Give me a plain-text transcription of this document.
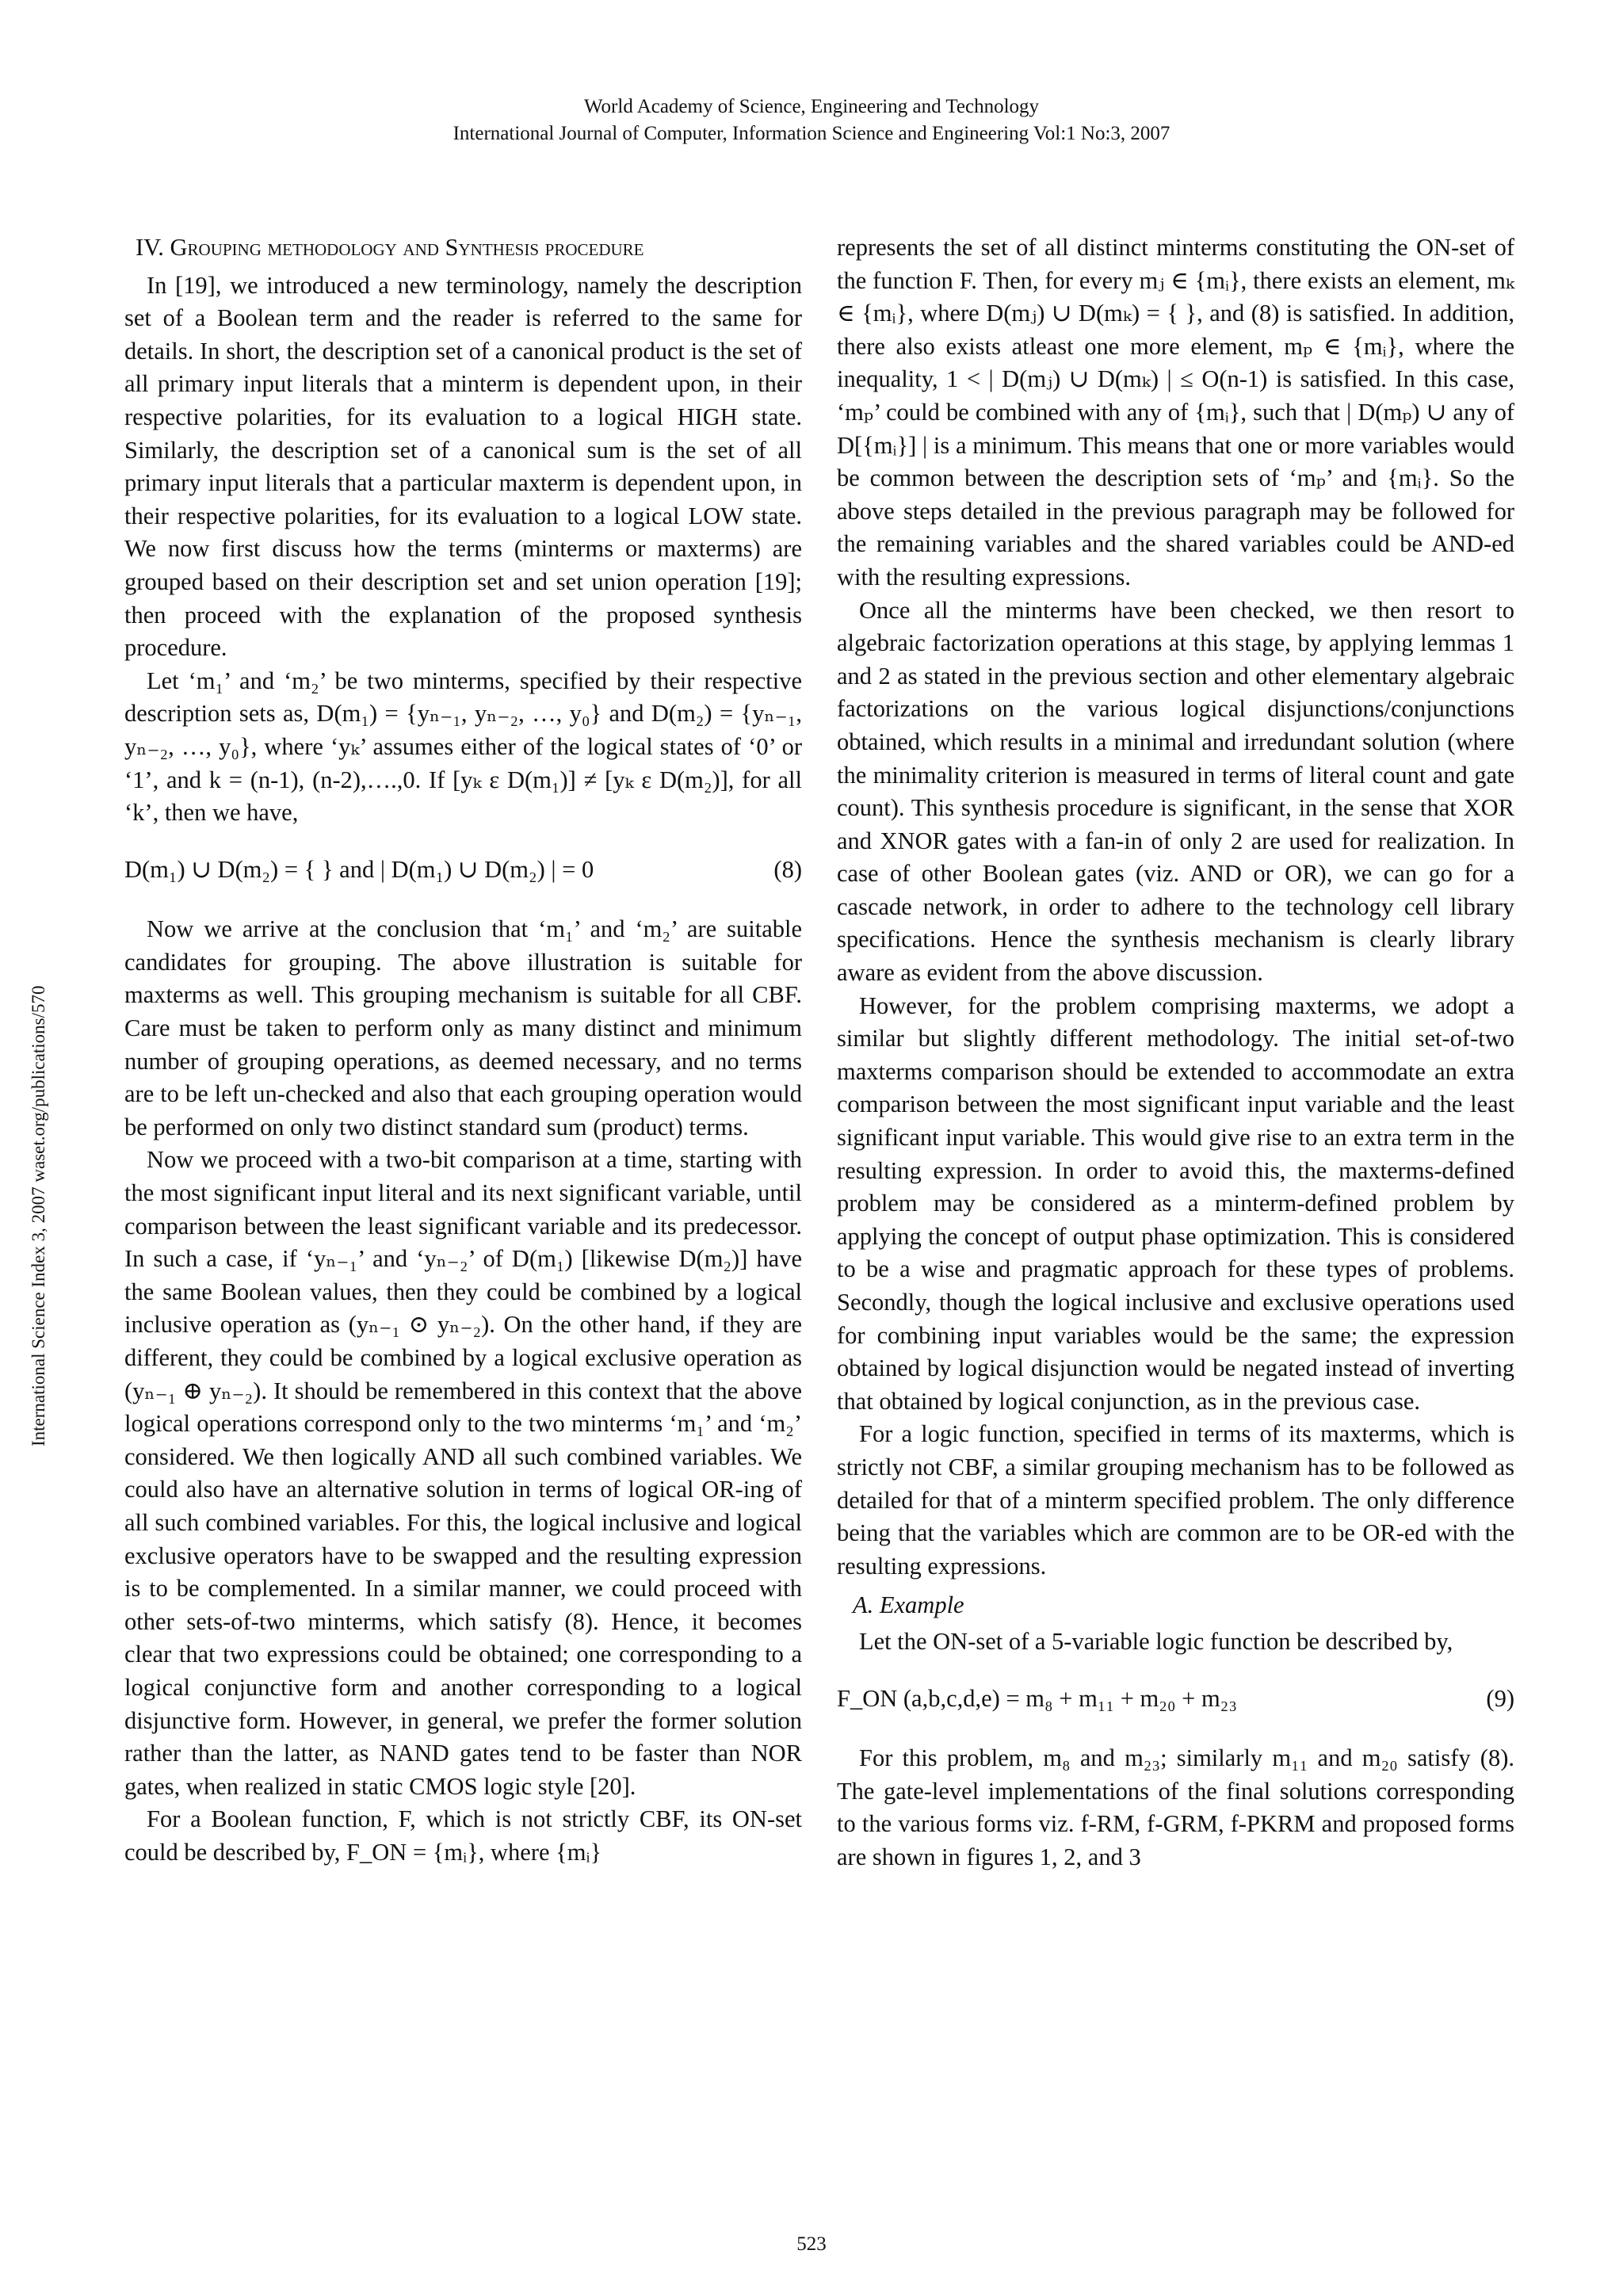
World Academy of Science, Engineering and Technology
International Journal of Computer, Information Science and Engineering Vol:1 No:3, 2007
International Science Index 3, 2007 waset.org/publications/570

IV. Grouping methodology and Synthesis procedure

In [19], we introduced a new terminology, namely the description set of a Boolean term and the reader is referred to the same for details. In short, the description set of a canonical product is the set of all primary input literals that a minterm is dependent upon, in their respective polarities, for its evaluation to a logical HIGH state. Similarly, the description set of a canonical sum is the set of all primary input literals that a particular maxterm is dependent upon, in their respective polarities, for its evaluation to a logical LOW state. We now first discuss how the terms (minterms or maxterms) are grouped based on their description set and set union operation [19]; then proceed with the explanation of the proposed synthesis procedure.

Let ‘m₁’ and ‘m₂’ be two minterms, specified by their respective description sets as, D(m₁) = {yₙ₋₁, yₙ₋₂, …, y₀} and D(m₂) = {yₙ₋₁, yₙ₋₂, …, y₀}, where ‘yₖ’ assumes either of the logical states of ‘0’ or ‘1’, and k = (n-1), (n-2),….,0. If [yₖ ε D(m₁)] ≠ [yₖ ε D(m₂)], for all ‘k’, then we have,

D(m₁) ∪ D(m₂) = { } and | D(m₁) ∪ D(m₂) | = 0	(8)

Now we arrive at the conclusion that ‘m₁’ and ‘m₂’ are suitable candidates for grouping. The above illustration is suitable for maxterms as well. This grouping mechanism is suitable for all CBF. Care must be taken to perform only as many distinct and minimum number of grouping operations, as deemed necessary, and no terms are to be left un-checked and also that each grouping operation would be performed on only two distinct standard sum (product) terms.

Now we proceed with a two-bit comparison at a time, starting with the most significant input literal and its next significant variable, until comparison between the least significant variable and its predecessor. In such a case, if ‘yₙ₋₁’ and ‘yₙ₋₂’ of D(m₁) [likewise D(m₂)] have the same Boolean values, then they could be combined by a logical inclusive operation as (yₙ₋₁ ⊙ yₙ₋₂). On the other hand, if they are different, they could be combined by a logical exclusive operation as (yₙ₋₁ ⊕ yₙ₋₂). It should be remembered in this context that the above logical operations correspond only to the two minterms ‘m₁’ and ‘m₂’ considered. We then logically AND all such combined variables. We could also have an alternative solution in terms of logical OR-ing of all such combined variables. For this, the logical inclusive and logical exclusive operators have to be swapped and the resulting expression is to be complemented. In a similar manner, we could proceed with other sets-of-two minterms, which satisfy (8). Hence, it becomes clear that two expressions could be obtained; one corresponding to a logical conjunctive form and another corresponding to a logical disjunctive form. However, in general, we prefer the former solution rather than the latter, as NAND gates tend to be faster than NOR gates, when realized in static CMOS logic style [20].

For a Boolean function, F, which is not strictly CBF, its ON-set could be described by, F_ON = {mᵢ}, where {mᵢ}

represents the set of all distinct minterms constituting the ON-set of the function F. Then, for every mⱼ ∈ {mᵢ}, there exists an element, mₖ ∈ {mᵢ}, where D(mⱼ) ∪ D(mₖ) = { }, and (8) is satisfied. In addition, there also exists atleast one more element, mₚ ∈ {mᵢ}, where the inequality, 1 < | D(mⱼ) ∪ D(mₖ) | ≤ O(n-1) is satisfied. In this case, ‘mₚ’ could be combined with any of {mᵢ}, such that | D(mₚ) ∪ any of D[{mᵢ}] | is a minimum. This means that one or more variables would be common between the description sets of ‘mₚ’ and {mᵢ}. So the above steps detailed in the previous paragraph may be followed for the remaining variables and the shared variables could be AND-ed with the resulting expressions.

Once all the minterms have been checked, we then resort to algebraic factorization operations at this stage, by applying lemmas 1 and 2 as stated in the previous section and other elementary algebraic factorizations on the various logical disjunctions/conjunctions obtained, which results in a minimal and irredundant solution (where the minimality criterion is measured in terms of literal count and gate count). This synthesis procedure is significant, in the sense that XOR and XNOR gates with a fan-in of only 2 are used for realization. In case of other Boolean gates (viz. AND or OR), we can go for a cascade network, in order to adhere to the technology cell library specifications. Hence the synthesis mechanism is clearly library aware as evident from the above discussion.

However, for the problem comprising maxterms, we adopt a similar but slightly different methodology. The initial set-of-two maxterms comparison should be extended to accommodate an extra comparison between the most significant input variable and the least significant input variable. This would give rise to an extra term in the resulting expression. In order to avoid this, the maxterms-defined problem may be considered as a minterm-defined problem by applying the concept of output phase optimization. This is considered to be a wise and pragmatic approach for these types of problems. Secondly, though the logical inclusive and exclusive operations used for combining input variables would be the same; the expression obtained by logical disjunction would be negated instead of inverting that obtained by logical conjunction, as in the previous case.

For a logic function, specified in terms of its maxterms, which is strictly not CBF, a similar grouping mechanism has to be followed as detailed for that of a minterm specified problem. The only difference being that the variables which are common are to be OR-ed with the resulting expressions.

A. Example

Let the ON-set of a 5-variable logic function be described by,

F_ON (a,b,c,d,e) = m₈ + m₁₁ + m₂₀ + m₂₃	(9)

For this problem, m₈ and m₂₃; similarly m₁₁ and m₂₀ satisfy (8). The gate-level implementations of the final solutions corresponding to the various forms viz. f-RM, f-GRM, f-PKRM and proposed forms are shown in figures 1, 2, and 3

523
